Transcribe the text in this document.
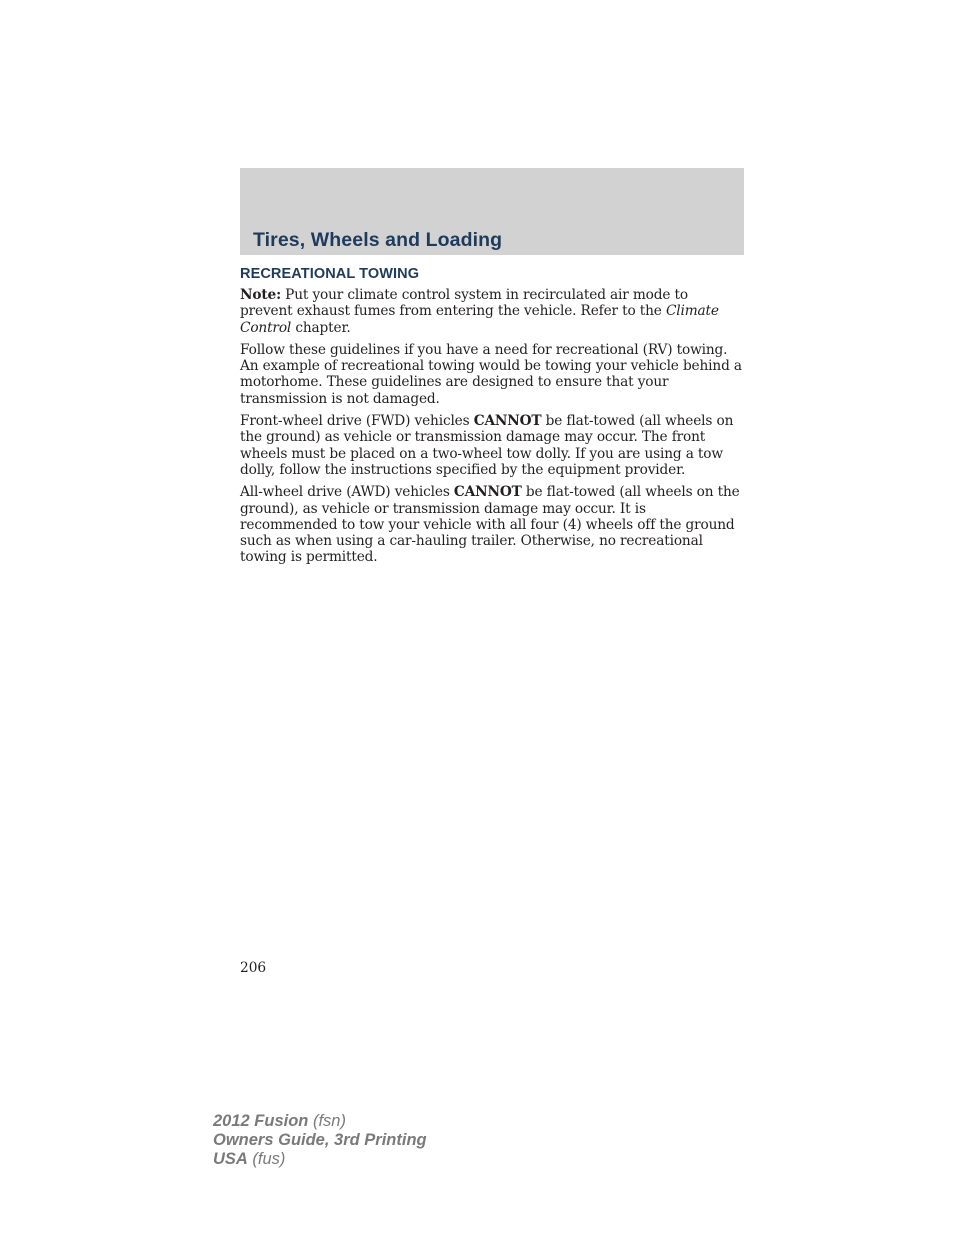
Tires, Wheels and Loading
RECREATIONAL TOWING

Note: Put your climate control system in recirculated air mode to prevent exhaust fumes from entering the vehicle. Refer to the Climate Control chapter.

Follow these guidelines if you have a need for recreational (RV) towing. An example of recreational towing would be towing your vehicle behind a motorhome. These guidelines are designed to ensure that your transmission is not damaged.

Front-wheel drive (FWD) vehicles CANNOT be flat-towed (all wheels on the ground) as vehicle or transmission damage may occur. The front wheels must be placed on a two-wheel tow dolly. If you are using a tow dolly, follow the instructions specified by the equipment provider.

All-wheel drive (AWD) vehicles CANNOT be flat-towed (all wheels on the ground), as vehicle or transmission damage may occur. It is recommended to tow your vehicle with all four (4) wheels off the ground such as when using a car-hauling trailer. Otherwise, no recreational towing is permitted.

206
2012 Fusion (fsn)
Owners Guide, 3rd Printing
USA (fus)
